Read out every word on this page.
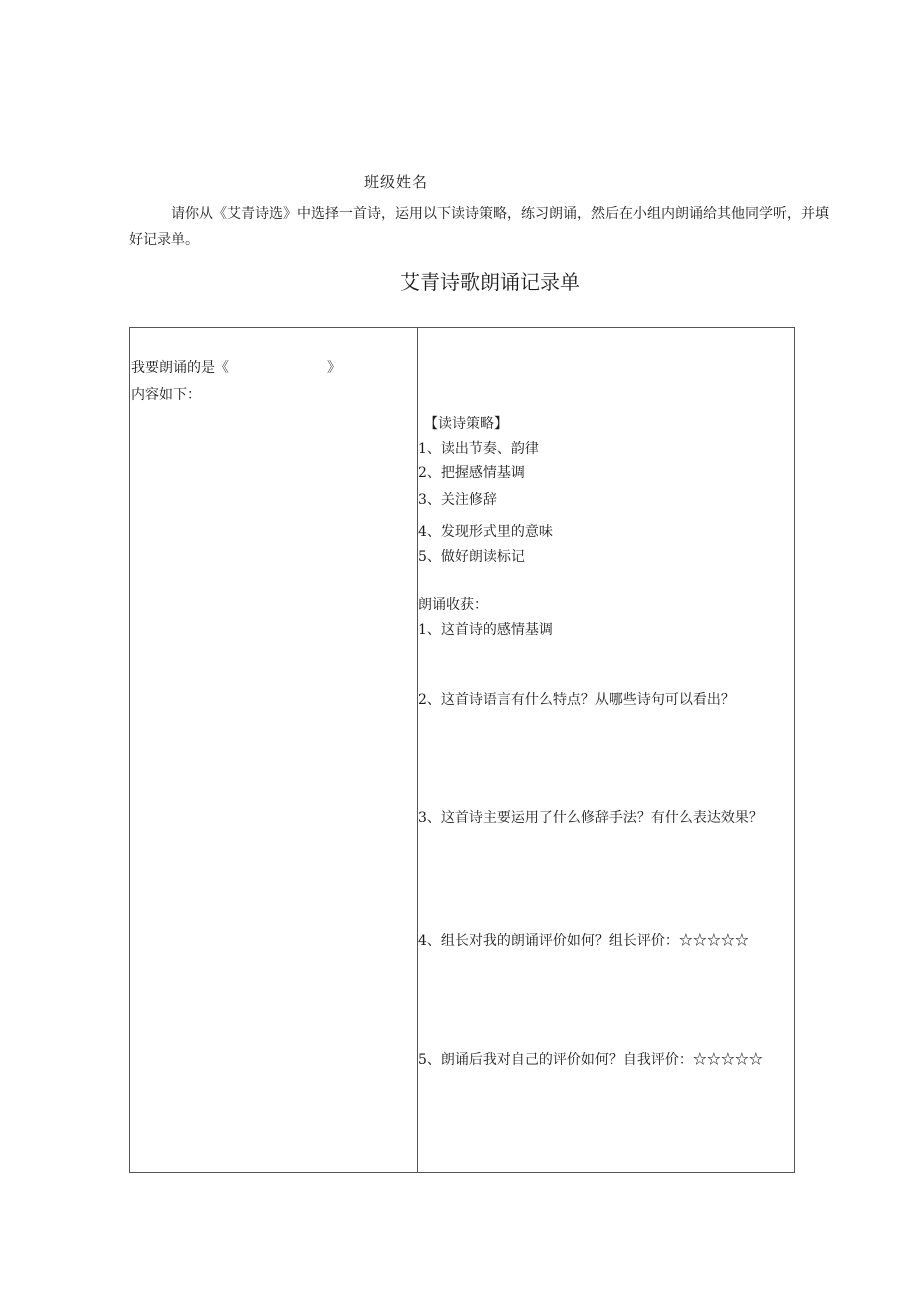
班级姓名
请你从《艾青诗选》中选择一首诗，运用以下读诗策略，练习朗诵，然后在小组内朗诵给其他同学听，并填好记录单。
艾青诗歌朗诵记录单
我要朗诵的是《　　　　　　　》
内容如下：
【读诗策略】
1、读出节奏、韵律
2、把握感情基调
3、关注修辞
4、发现形式里的意味
5、做好朗读标记
朗诵收获：
1、这首诗的感情基调
2、这首诗语言有什么特点？从哪些诗句可以看出？
3、这首诗主要运用了什么修辞手法？有什么表达效果？
4、组长对我的朗诵评价如何？组长评价：☆☆☆☆☆
5、朗诵后我对自己的评价如何？自我评价：☆☆☆☆☆
